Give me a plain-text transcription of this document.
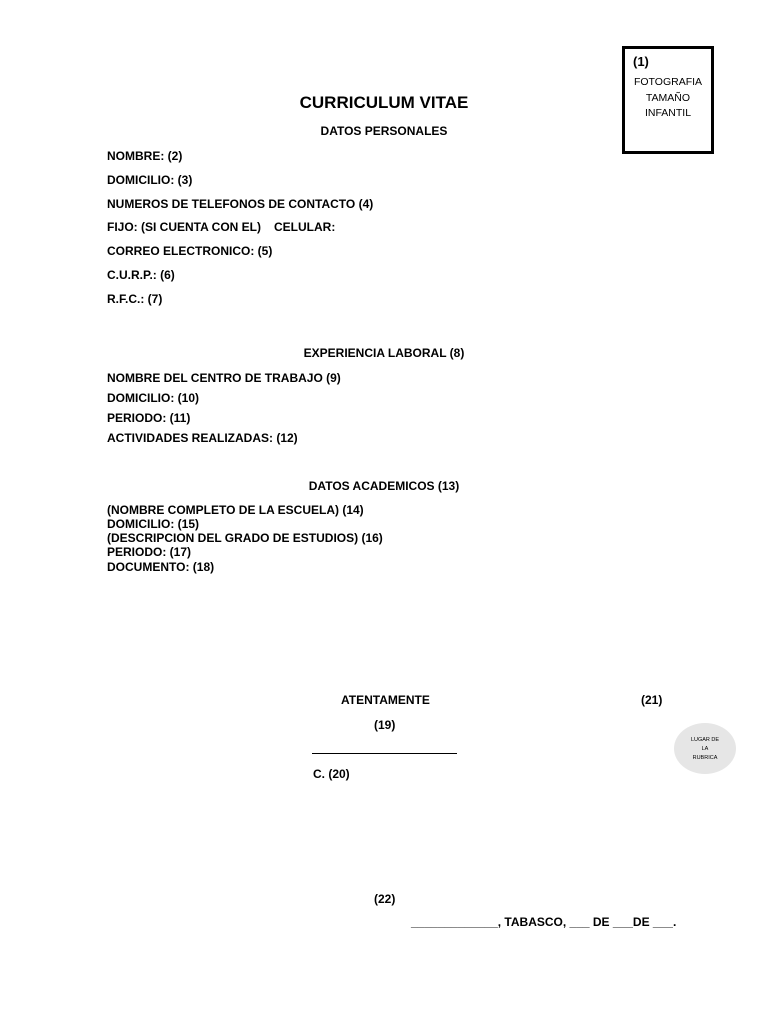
(1)
FOTOGRAFIA
TAMAÑO
INFANTIL
CURRICULUM VITAE
DATOS PERSONALES
NOMBRE: (2)
DOMICILIO: (3)
NUMEROS DE TELEFONOS DE CONTACTO (4)
FIJO: (SI CUENTA CON EL) CELULAR:
CORREO ELECTRONICO: (5)
C.U.R.P.: (6)
R.F.C.: (7)
EXPERIENCIA LABORAL (8)
NOMBRE DEL CENTRO DE TRABAJO (9)
DOMICILIO: (10)
PERIODO: (11)
ACTIVIDADES REALIZADAS: (12)
DATOS ACADEMICOS (13)
(NOMBRE COMPLETO DE LA ESCUELA) (14)
DOMICILIO: (15)
(DESCRIPCION DEL GRADO DE ESTUDIOS) (16)
PERIODO: (17)
DOCUMENTO: (18)
ATENTAMENTE	(21)
(19)
C. (20)
LUGAR DE
LA
RUBRICA
(22)
_____________, TABASCO, ___ DE ___DE ___.
